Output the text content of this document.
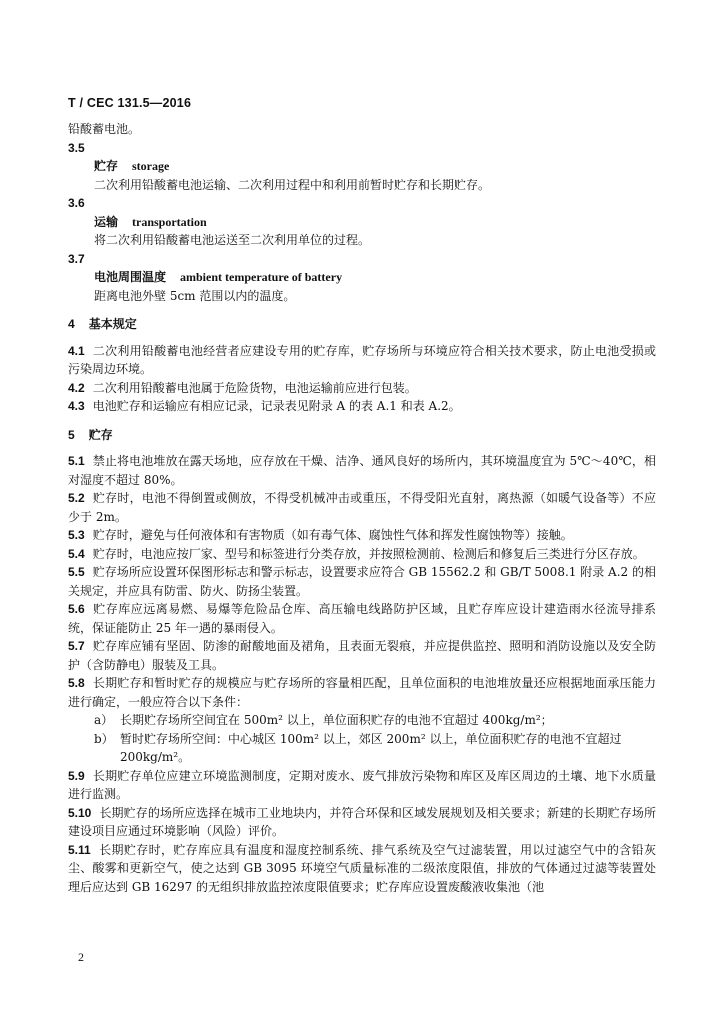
T / CEC 131.5—2016

铅酸蓄电池。

3.5

贮存 storage

二次利用铅酸蓄电池运输、二次利用过程中和利用前暂时贮存和长期贮存。

3.6

运输 transportation

将二次利用铅酸蓄电池运送至二次利用单位的过程。

3.7

电池周围温度 ambient temperature of battery

距离电池外壁 5cm 范围以内的温度。

4 基本规定

4.1 二次利用铅酸蓄电池经营者应建设专用的贮存库，贮存场所与环境应符合相关技术要求，防止电池受损或污染周边环境。

4.2 二次利用铅酸蓄电池属于危险货物，电池运输前应进行包装。

4.3 电池贮存和运输应有相应记录，记录表见附录 A 的表 A.1 和表 A.2。

5 贮存

5.1 禁止将电池堆放在露天场地，应存放在干燥、洁净、通风良好的场所内，其环境温度宜为 5℃～40℃，相对湿度不超过 80%。

5.2 贮存时，电池不得倒置或侧放，不得受机械冲击或重压，不得受阳光直射，离热源（如暖气设备等）不应少于 2m。

5.3 贮存时，避免与任何液体和有害物质（如有毒气体、腐蚀性气体和挥发性腐蚀物等）接触。

5.4 贮存时，电池应按厂家、型号和标签进行分类存放，并按照检测前、检测后和修复后三类进行分区存放。

5.5 贮存场所应设置环保图形标志和警示标志，设置要求应符合 GB 15562.2 和 GB/T 5008.1 附录 A.2 的相关规定，并应具有防雷、防火、防扬尘装置。

5.6 贮存库应远离易燃、易爆等危险品仓库、高压输电线路防护区域，且贮存库应设计建造雨水径流导排系统，保证能防止 25 年一遇的暴雨侵入。

5.7 贮存库应铺有坚固、防渗的耐酸地面及裙角，且表面无裂痕，并应提供监控、照明和消防设施以及安全防护（含防静电）服装及工具。

5.8 长期贮存和暂时贮存的规模应与贮存场所的容量相匹配，且单位面积的电池堆放量还应根据地面承压能力进行确定，一般应符合以下条件：

a） 长期贮存场所空间宜在 500m² 以上，单位面积贮存的电池不宜超过 400kg/m²；

b） 暂时贮存场所空间：中心城区 100m² 以上，郊区 200m² 以上，单位面积贮存的电池不宜超过

200kg/m²。

5.9 长期贮存单位应建立环境监测制度，定期对废水、废气排放污染物和库区及库区周边的土壤、地下水质量进行监测。

5.10 长期贮存的场所应选择在城市工业地块内，并符合环保和区域发展规划及相关要求；新建的长期贮存场所建设项目应通过环境影响（风险）评价。

5.11 长期贮存时，贮存库应具有温度和湿度控制系统、排气系统及空气过滤装置，用以过滤空气中的含铅灰尘、酸雾和更新空气，使之达到 GB 3095 环境空气质量标准的二级浓度限值，排放的气体通过过滤等装置处理后应达到 GB 16297 的无组织排放监控浓度限值要求；贮存库应设置废酸液收集池（池

2
